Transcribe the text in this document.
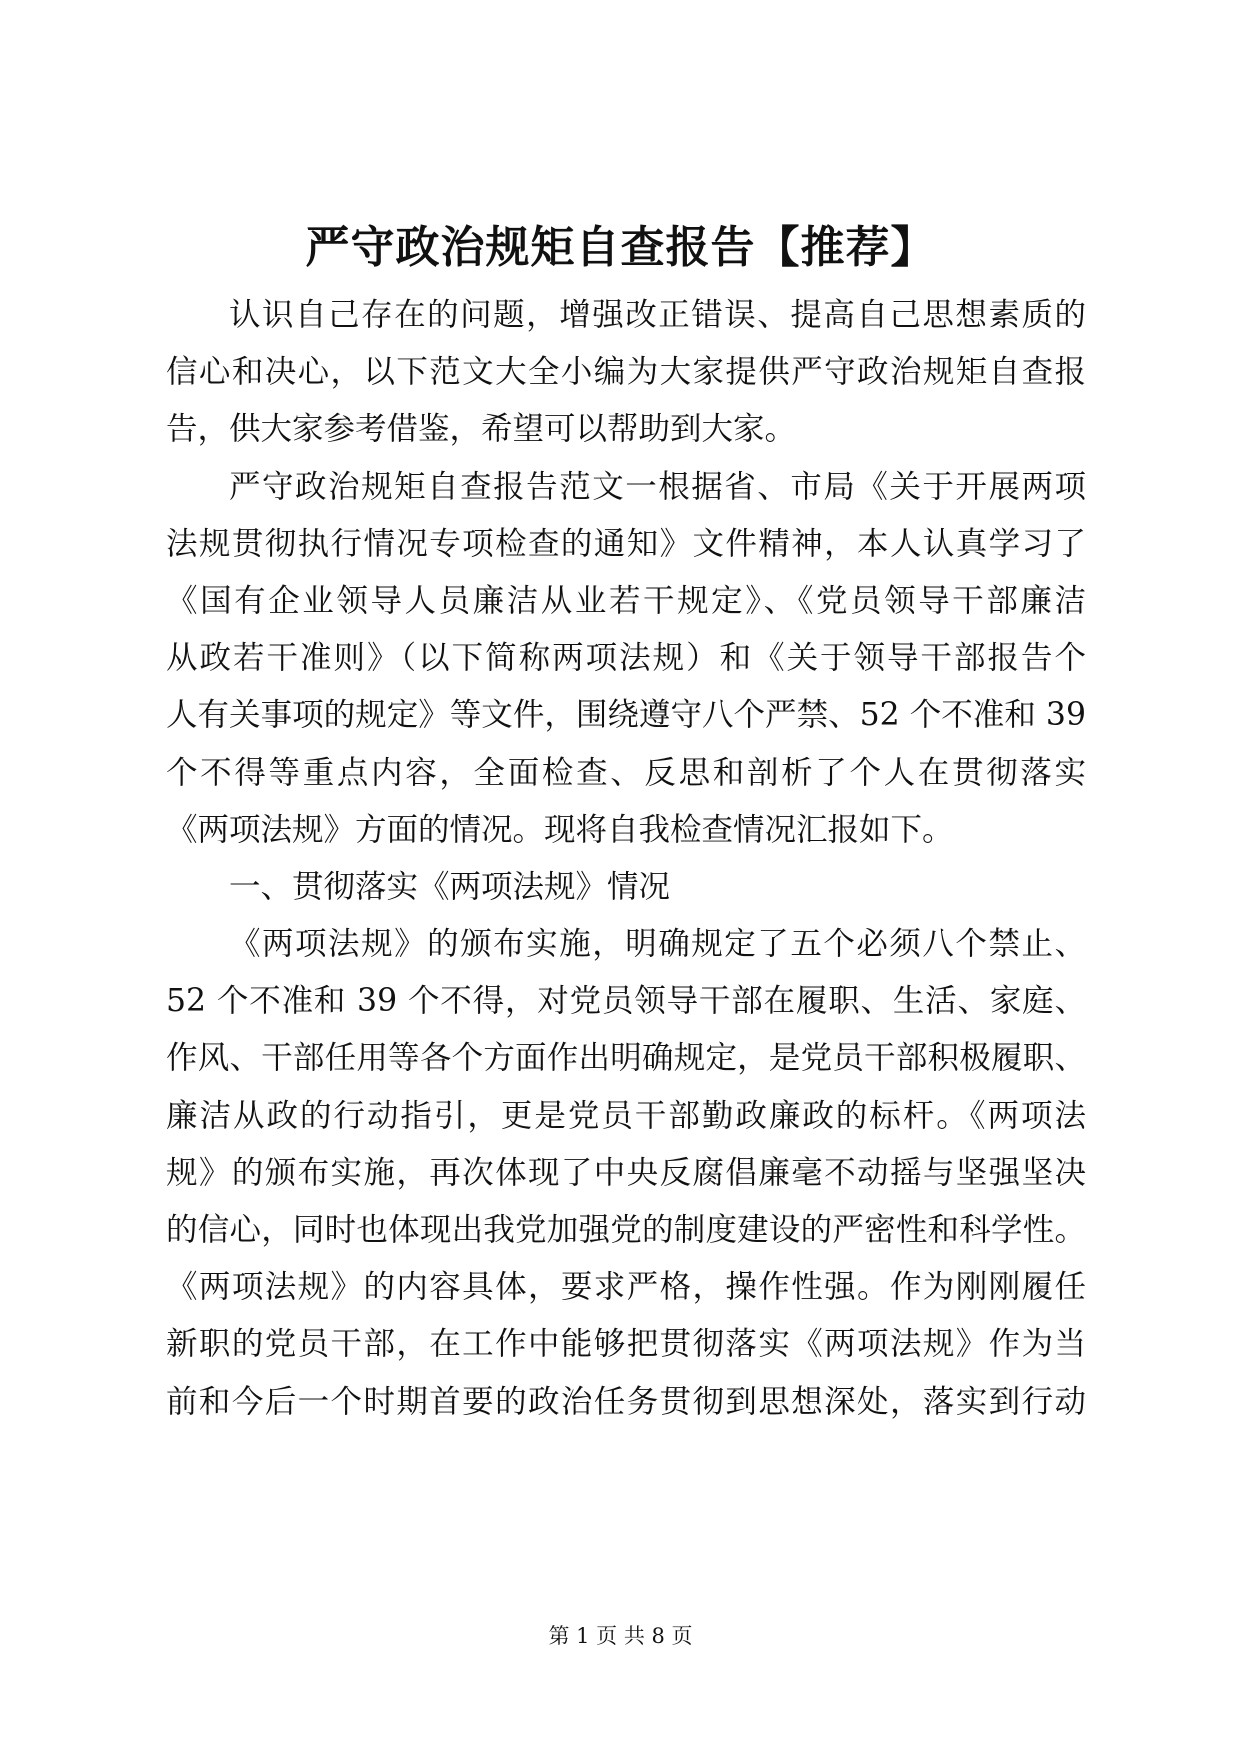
严守政治规矩自查报告【推荐】
认识自己存在的问题，增强改正错误、提高自己思想素质的
信心和决心，以下范文大全小编为大家提供严守政治规矩自查报
告，供大家参考借鉴，希望可以帮助到大家。
严守政治规矩自查报告范文一根据省、市局《关于开展两项
法规贯彻执行情况专项检查的通知》文件精神，本人认真学习了
《国有企业领导人员廉洁从业若干规定》、《党员领导干部廉洁
从政若干准则》（以下简称两项法规）和《关于领导干部报告个
人有关事项的规定》等文件，围绕遵守八个严禁、52 个不准和 39
个不得等重点内容，全面检查、反思和剖析了个人在贯彻落实
《两项法规》方面的情况。现将自我检查情况汇报如下。
一、贯彻落实《两项法规》情况
《两项法规》的颁布实施，明确规定了五个必须八个禁止、
52 个不准和 39 个不得，对党员领导干部在履职、生活、家庭、
作风、干部任用等各个方面作出明确规定，是党员干部积极履职、
廉洁从政的行动指引，更是党员干部勤政廉政的标杆。《两项法
规》的颁布实施，再次体现了中央反腐倡廉毫不动摇与坚强坚决
的信心，同时也体现出我党加强党的制度建设的严密性和科学性。
《两项法规》的内容具体，要求严格，操作性强。作为刚刚履任
新职的党员干部，在工作中能够把贯彻落实《两项法规》作为当
前和今后一个时期首要的政治任务贯彻到思想深处，落实到行动
第 1 页 共 8 页
